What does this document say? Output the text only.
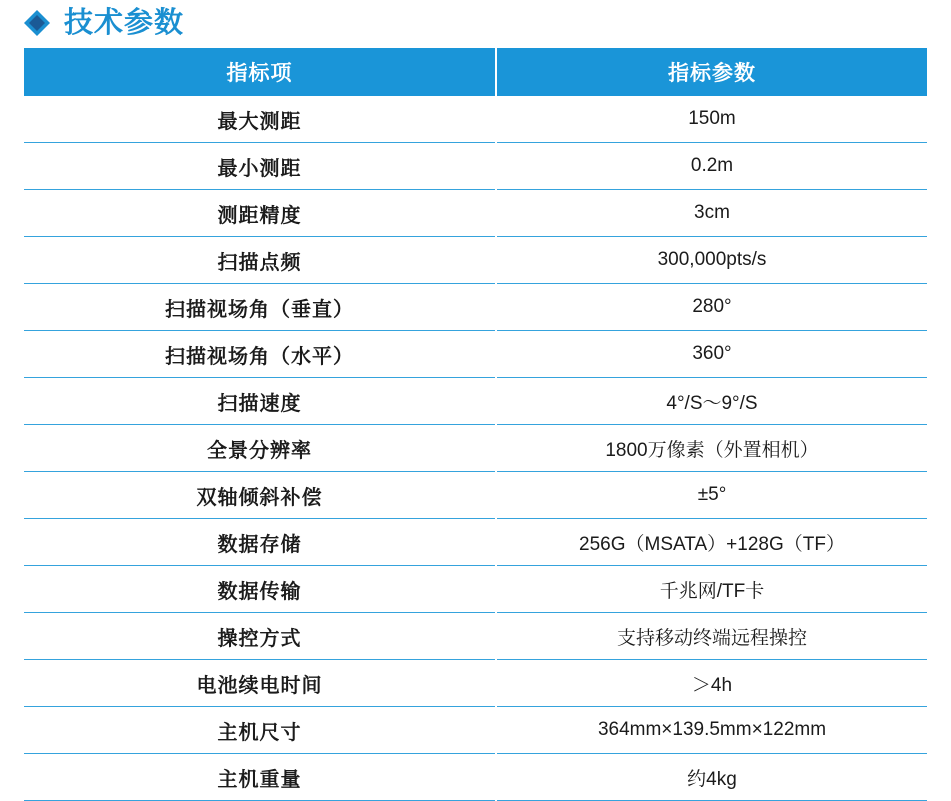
技术参数
指标项	指标参数
最大测距	150m
最小测距	0.2m
测距精度	3cm
扫描点频	300,000pts/s
扫描视场角（垂直）	280°
扫描视场角（水平）	360°
扫描速度	4°/S～9°/S
全景分辨率	1800万像素（外置相机）
双轴倾斜补偿	±5°
数据存储	256G（MSATA）+128G（TF）
数据传输	千兆网/TF卡
操控方式	支持移动终端远程操控
电池续电时间	＞4h
主机尺寸	364mm×139.5mm×122mm
主机重量	约4kg
